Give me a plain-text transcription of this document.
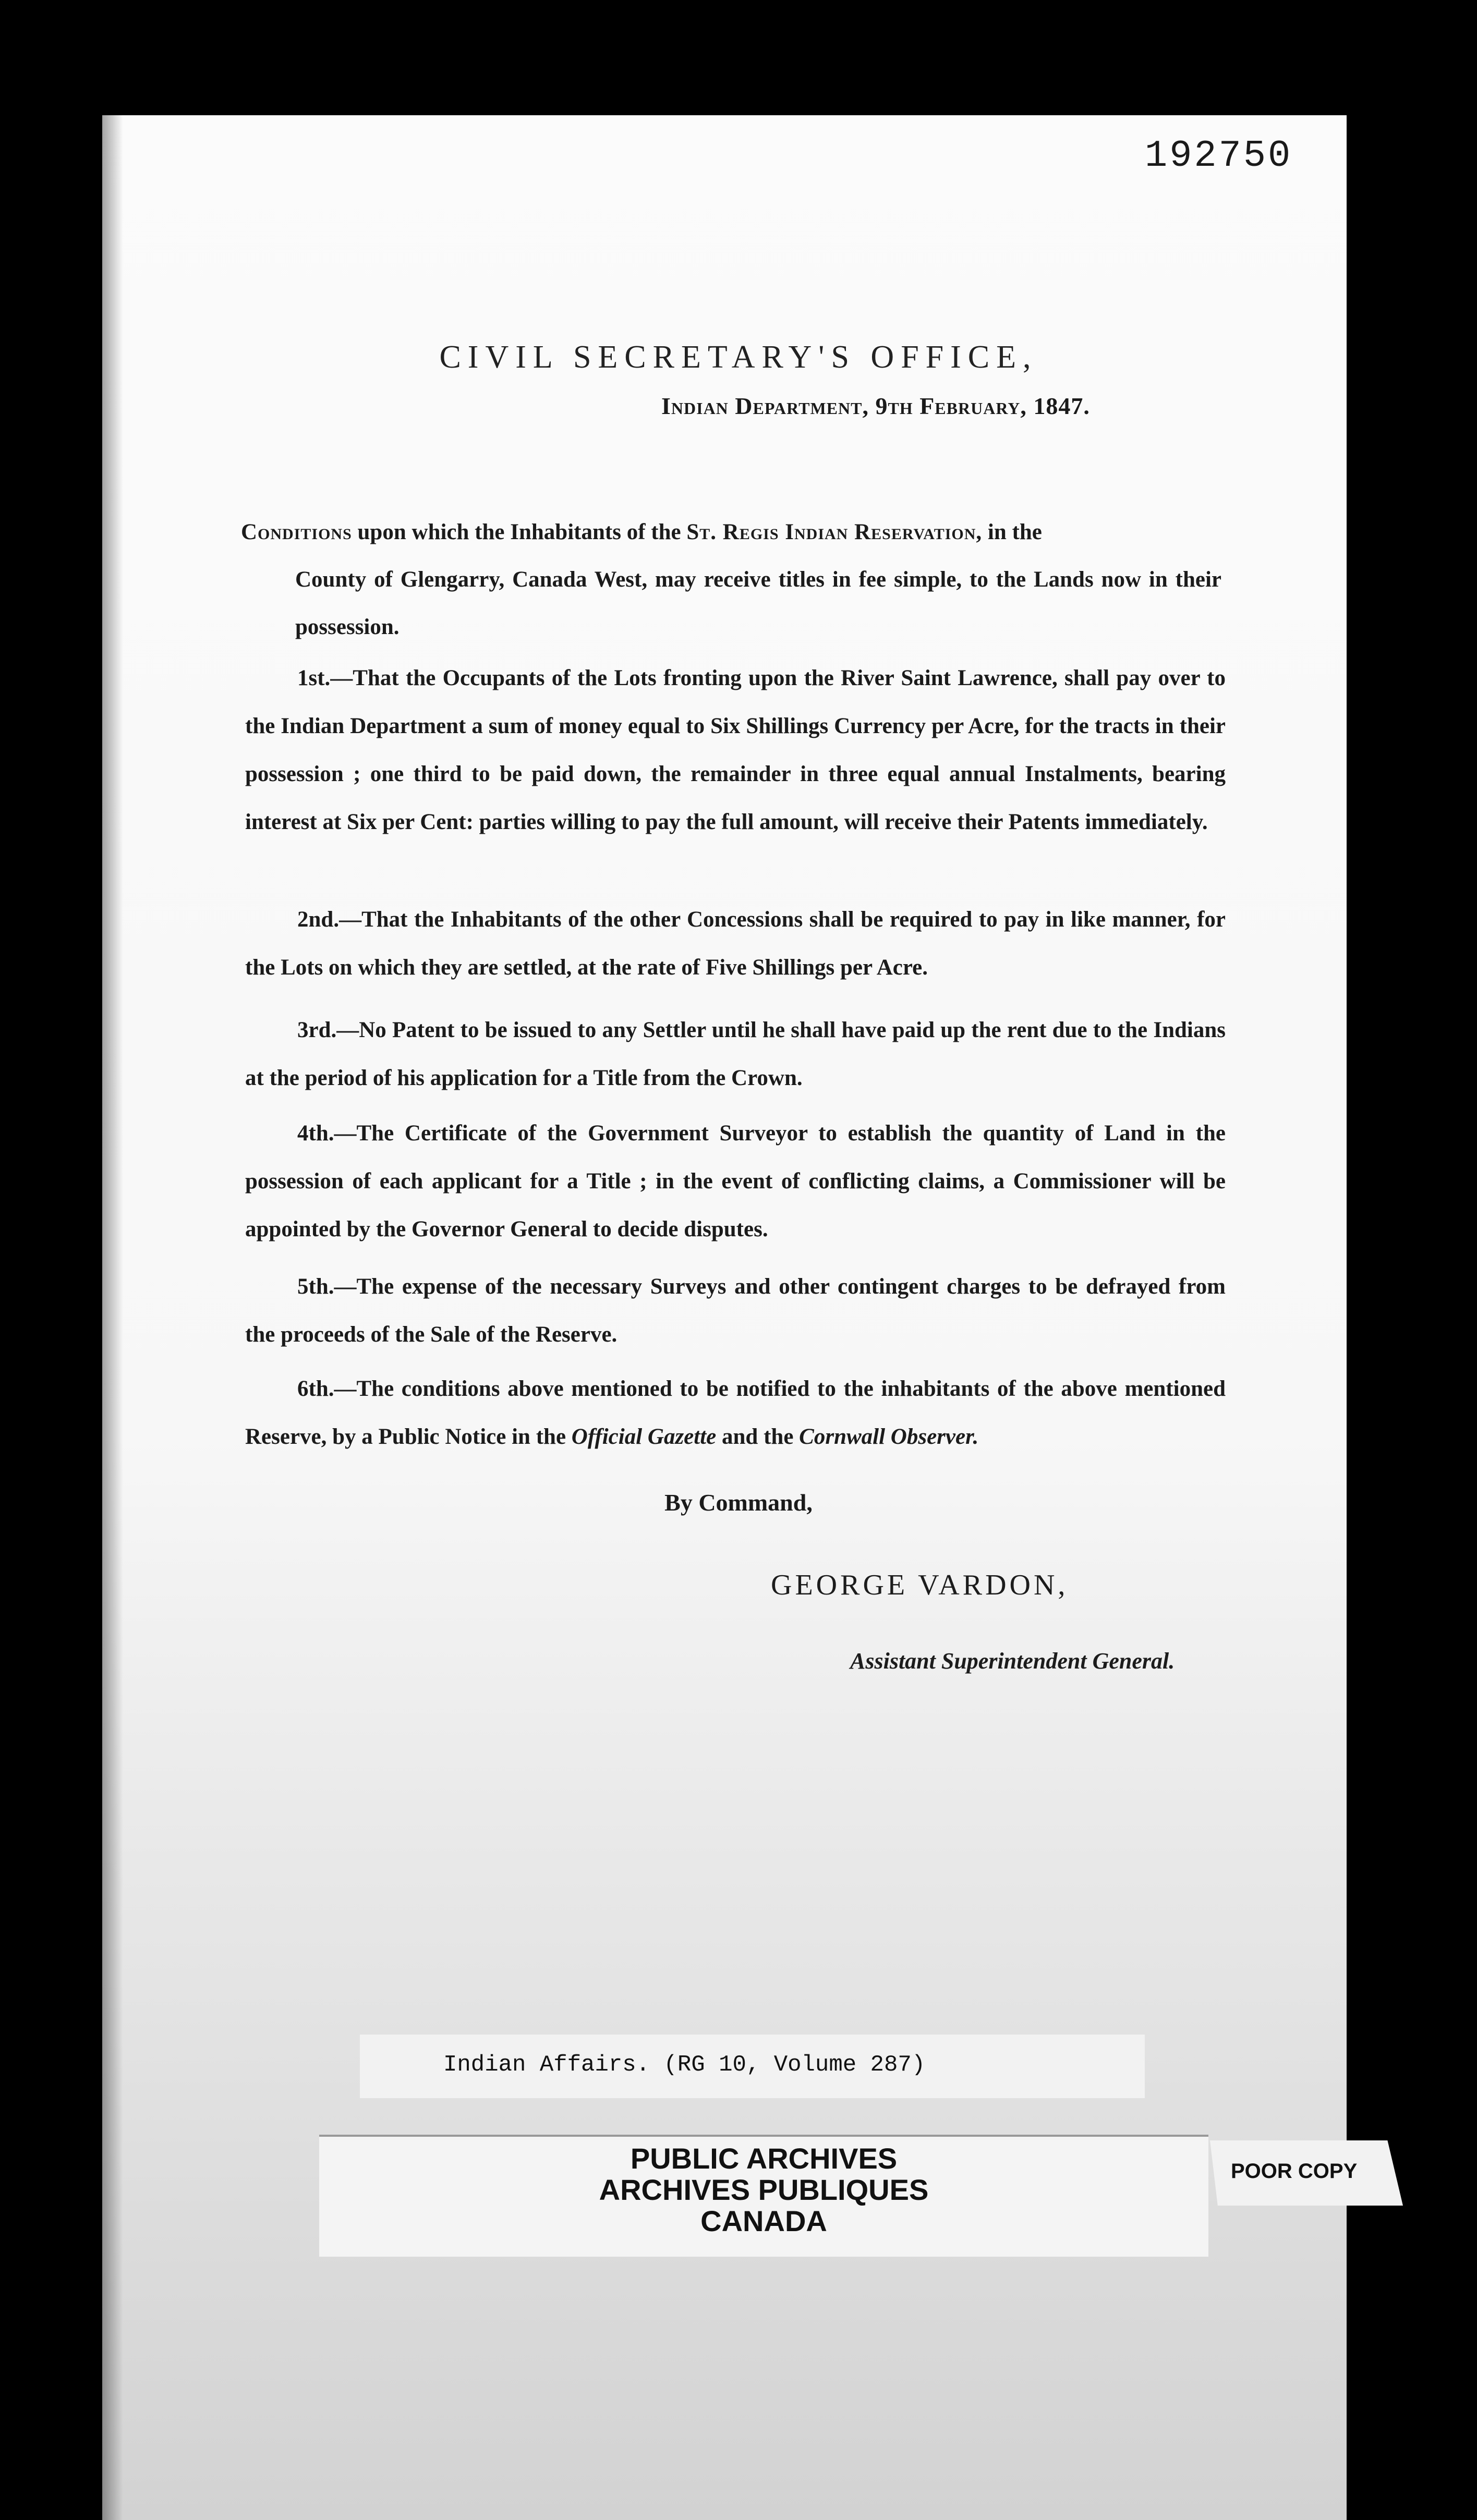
192750
CIVIL SECRETARY'S OFFICE,
Indian Department, 9th February, 1847.

Conditions upon which the Inhabitants of the St. Regis Indian Reservation, in the
County of Glengarry, Canada West, may receive titles in fee simple, to the Lands now in their possession.

1st.—That the Occupants of the Lots fronting upon the River Saint Lawrence, shall pay over to the Indian Department a sum of money equal to Six Shillings Currency per Acre, for the tracts in their possession ; one third to be paid down, the remainder in three equal annual Instalments, bearing interest at Six per Cent: parties willing to pay the full amount, will receive their Patents immediately.

2nd.—That the Inhabitants of the other Concessions shall be required to pay in like manner, for the Lots on which they are settled, at the rate of Five Shillings per Acre.

3rd.—No Patent to be issued to any Settler until he shall have paid up the rent due to the Indians at the period of his application for a Title from the Crown.

4th.—The Certificate of the Government Surveyor to establish the quantity of Land in the possession of each applicant for a Title ; in the event of conflicting claims, a Commissioner will be appointed by the Governor General to decide disputes.

5th.—The expense of the necessary Surveys and other contingent charges to be defrayed from the proceeds of the Sale of the Reserve.

6th.—The conditions above mentioned to be notified to the inhabitants of the above mentioned Reserve, by a Public Notice in the Official Gazette and the Cornwall Observer.

By Command,
GEORGE VARDON,
Assistant Superintendent General.
Indian Affairs. (RG 10, Volume 287)
PUBLIC ARCHIVES
ARCHIVES PUBLIQUES
CANADA
POOR COPY
